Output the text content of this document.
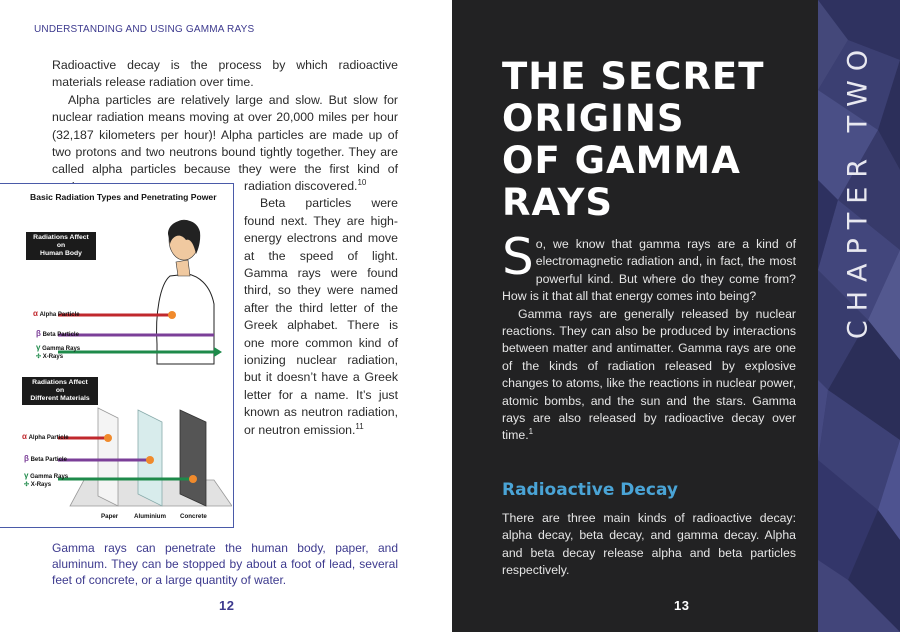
UNDERSTANDING AND USING GAMMA RAYS

Radioactive decay is the process by which radioactive materials release radiation over time.

Alpha particles are relatively large and slow. But slow for nuclear radiation means moving at over 20,000 miles per hour (32,187 kilometers per hour)! Alpha particles are made up of two protons and two neutrons bound tightly together. They are called alpha particles because they were the first kind of

radiation discovered.$^{10}$

Beta particles were found next. They are high-energy electrons and move at the speed of light. Gamma rays were found third, so they were named after the third letter of the Greek alphabet. There is one more common kind of ionizing nuclear radiation, but it doesn’t have a Greek letter for a name. It’s just known as neutron radiation, or neutron emission.$^{11}$

Basic Radiation Types and Penetrating Power
Radiations Affect
on
Human Body
α Alpha Particle
β Beta Particle
γ Gamma Rays
✣ X-Rays
Radiations Affect
on
Different Materials
α Alpha Particle
β Beta Particle
γ Gamma Rays
✣ X-Rays
Paper	Aluminium Concrete
Gamma rays can penetrate the human body, paper, and aluminum. They can be stopped by about a foot of lead, several feet of concrete, or a large quantity of water.
12
CHAPTER TWO
THE SECRET
ORIGINS
OF GAMMA
RAYS

So, we know that gamma rays are a kind of electromagnetic radiation and, in fact, the most powerful kind. But where do they come from? How is it that all that energy comes into being?

Gamma rays are generally released by nuclear reactions. They can also be produced by interactions between matter and antimatter. Gamma rays are one of the kinds of radiation released by explosive changes to atoms, like the reactions in nuclear power, atomic bombs, and the sun and the stars. Gamma rays are also released by radioactive decay over time.$^1$

Radioactive Decay

There are three main kinds of radioactive decay: alpha decay, beta decay, and gamma decay. Alpha and beta decay release alpha and beta particles respectively.

13
